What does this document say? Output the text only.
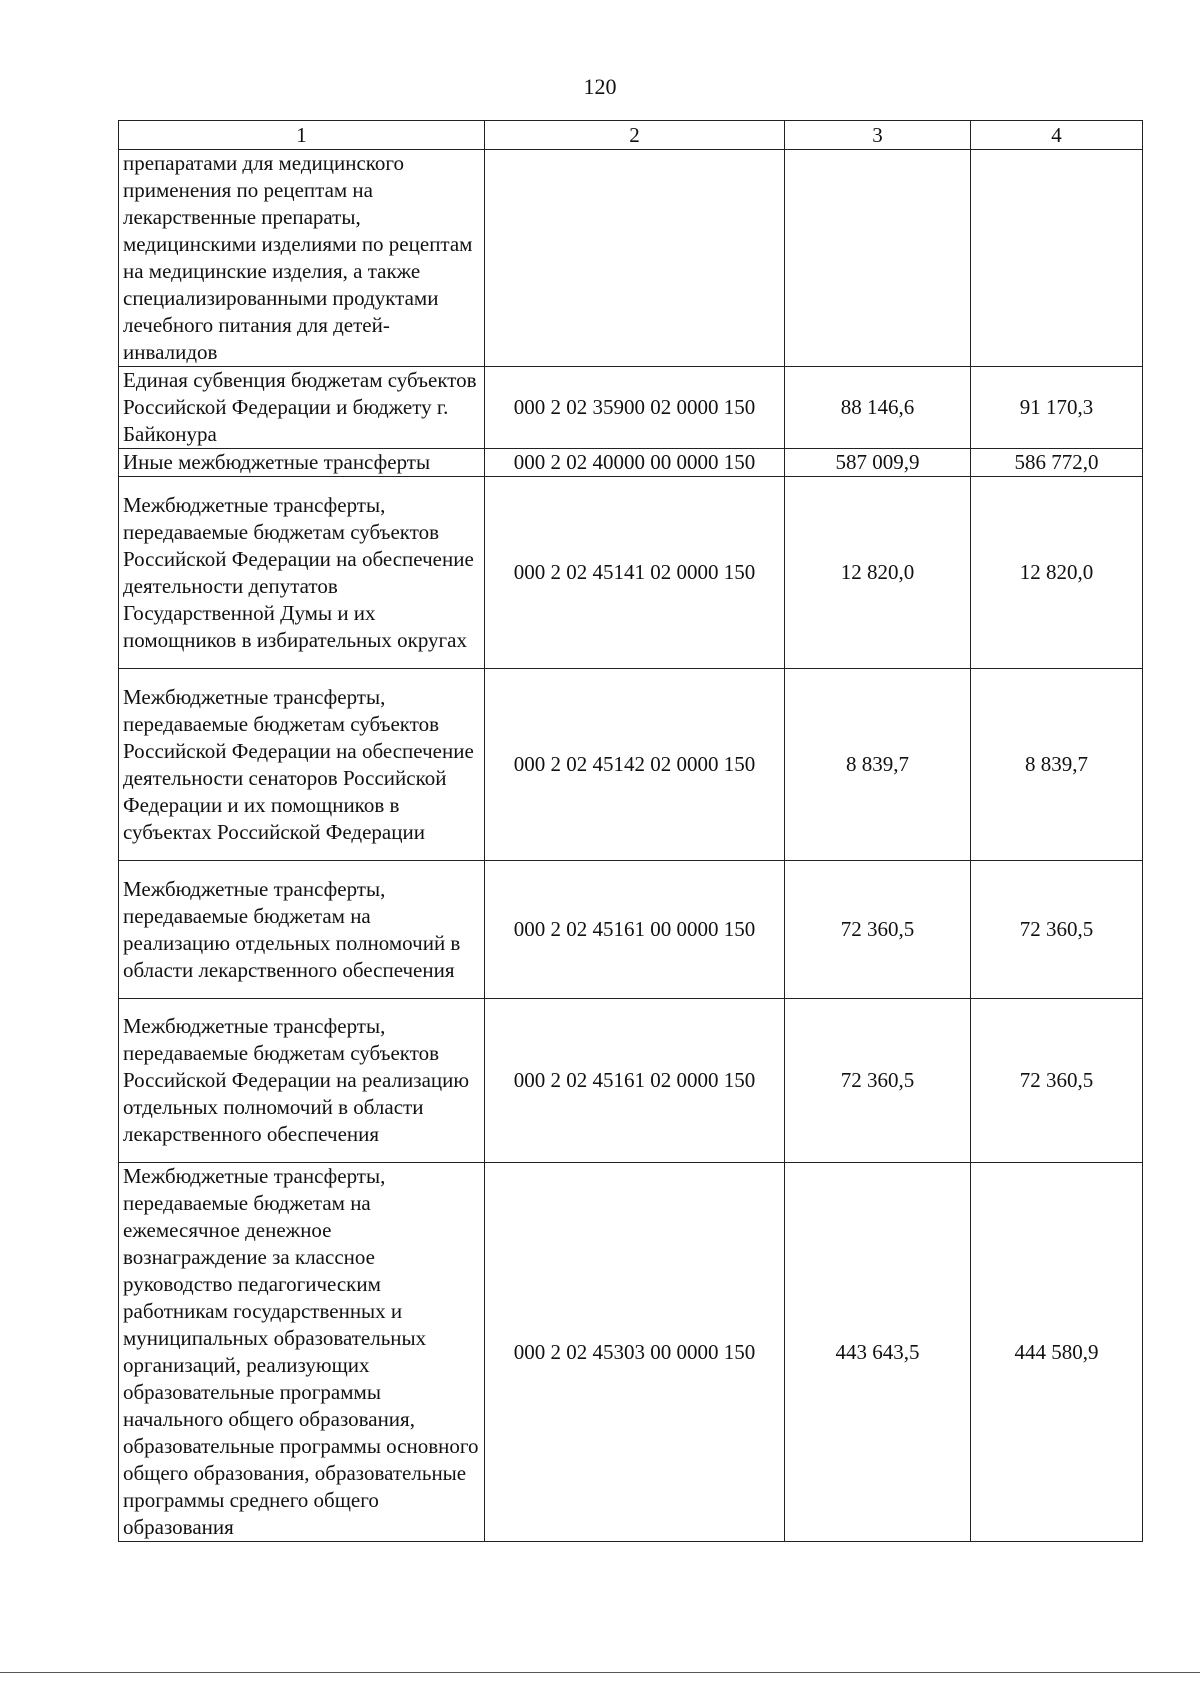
120
1	2	3	4
препаратами для медицинского применения по рецептам на лекарственные препараты, медицинскими изделиями по рецептам на медицинские изделия, а также специализированными продуктами лечебного питания для детей-инвалидов			
Единая субвенция бюджетам субъектов Российской Федерации и бюджету г. Байконура	000 2 02 35900 02 0000 150	88 146,6	91 170,3
Иные межбюджетные трансферты	000 2 02 40000 00 0000 150	587 009,9	586 772,0
Межбюджетные трансферты, передаваемые бюджетам субъектов Российской Федерации на обеспечение деятельности депутатов Государственной Думы и их помощников в избирательных округах	000 2 02 45141 02 0000 150	12 820,0	12 820,0
Межбюджетные трансферты, передаваемые бюджетам субъектов Российской Федерации на обеспечение деятельности сенаторов Российской Федерации и их помощников в субъектах Российской Федерации	000 2 02 45142 02 0000 150	8 839,7	8 839,7
Межбюджетные трансферты, передаваемые бюджетам на реализацию отдельных полномочий в области лекарственного обеспечения	000 2 02 45161 00 0000 150	72 360,5	72 360,5
Межбюджетные трансферты, передаваемые бюджетам субъектов Российской Федерации на реализацию отдельных полномочий в области лекарственного обеспечения	000 2 02 45161 02 0000 150	72 360,5	72 360,5
Межбюджетные трансферты, передаваемые бюджетам на ежемесячное денежное вознаграждение за классное руководство педагогическим работникам государственных и муниципальных образовательных организаций, реализующих образовательные программы начального общего образования, образовательные программы основного общего образования, образовательные программы среднего общего образования	000 2 02 45303 00 0000 150	443 643,5	444 580,9
